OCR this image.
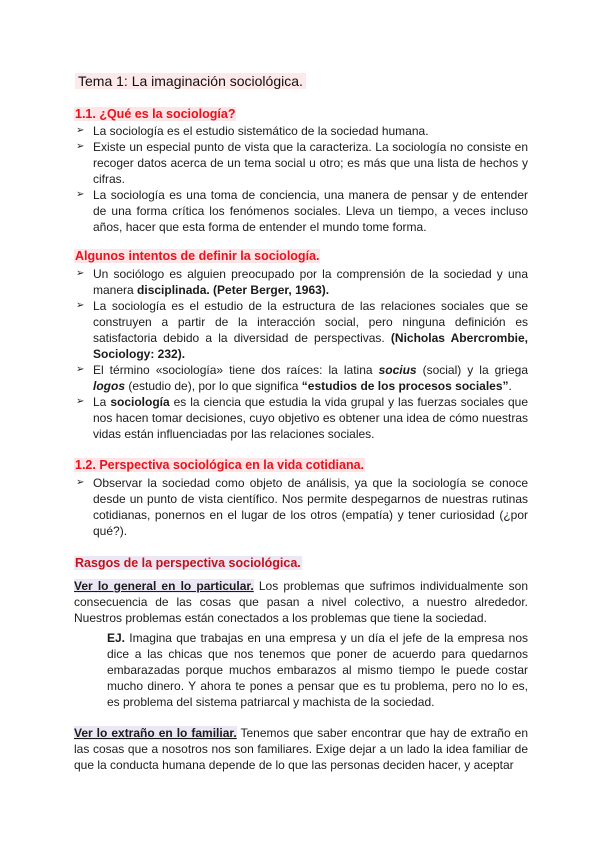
Tema 1: La imaginación sociológica.
1.1. ¿Qué es la sociología?
➢ La sociología es el estudio sistemático de la sociedad humana.
➢ Existe un especial punto de vista que la caracteriza. La sociología no consiste en recoger datos acerca de un tema social u otro; es más que una lista de hechos y cifras.
➢ La sociología es una toma de conciencia, una manera de pensar y de entender de una forma crítica los fenómenos sociales. Lleva un tiempo, a veces incluso años, hacer que esta forma de entender el mundo tome forma.
Algunos intentos de definir la sociología.
➢ Un sociólogo es alguien preocupado por la comprensión de la sociedad y una manera disciplinada. (Peter Berger, 1963).
➢ La sociología es el estudio de la estructura de las relaciones sociales que se construyen a partir de la interacción social, pero ninguna definición es satisfactoria debido a la diversidad de perspectivas. (Nicholas Abercrombie, Sociology: 232).
➢ El término «sociología» tiene dos raíces: la latina socius (social) y la griega logos (estudio de), por lo que significa “estudios de los procesos sociales”.
➢ La sociología es la ciencia que estudia la vida grupal y las fuerzas sociales que nos hacen tomar decisiones, cuyo objetivo es obtener una idea de cómo nuestras vidas están influenciadas por las relaciones sociales.
1.2. Perspectiva sociológica en la vida cotidiana.
➢ Observar la sociedad como objeto de análisis, ya que la sociología se conoce desde un punto de vista científico. Nos permite despegarnos de nuestras rutinas cotidianas, ponernos en el lugar de los otros (empatía) y tener curiosidad (¿por qué?).
Rasgos de la perspectiva sociológica.
Ver lo general en lo particular. Los problemas que sufrimos individualmente son consecuencia de las cosas que pasan a nivel colectivo, a nuestro alrededor. Nuestros problemas están conectados a los problemas que tiene la sociedad.
EJ. Imagina que trabajas en una empresa y un día el jefe de la empresa nos dice a las chicas que nos tenemos que poner de acuerdo para quedarnos embarazadas porque muchos embarazos al mismo tiempo le puede costar mucho dinero. Y ahora te pones a pensar que es tu problema, pero no lo es, es problema del sistema patriarcal y machista de la sociedad.
Ver lo extraño en lo familiar. Tenemos que saber encontrar que hay de extraño en las cosas que a nosotros nos son familiares. Exige dejar a un lado la idea familiar de que la conducta humana depende de lo que las personas deciden hacer, y aceptar
